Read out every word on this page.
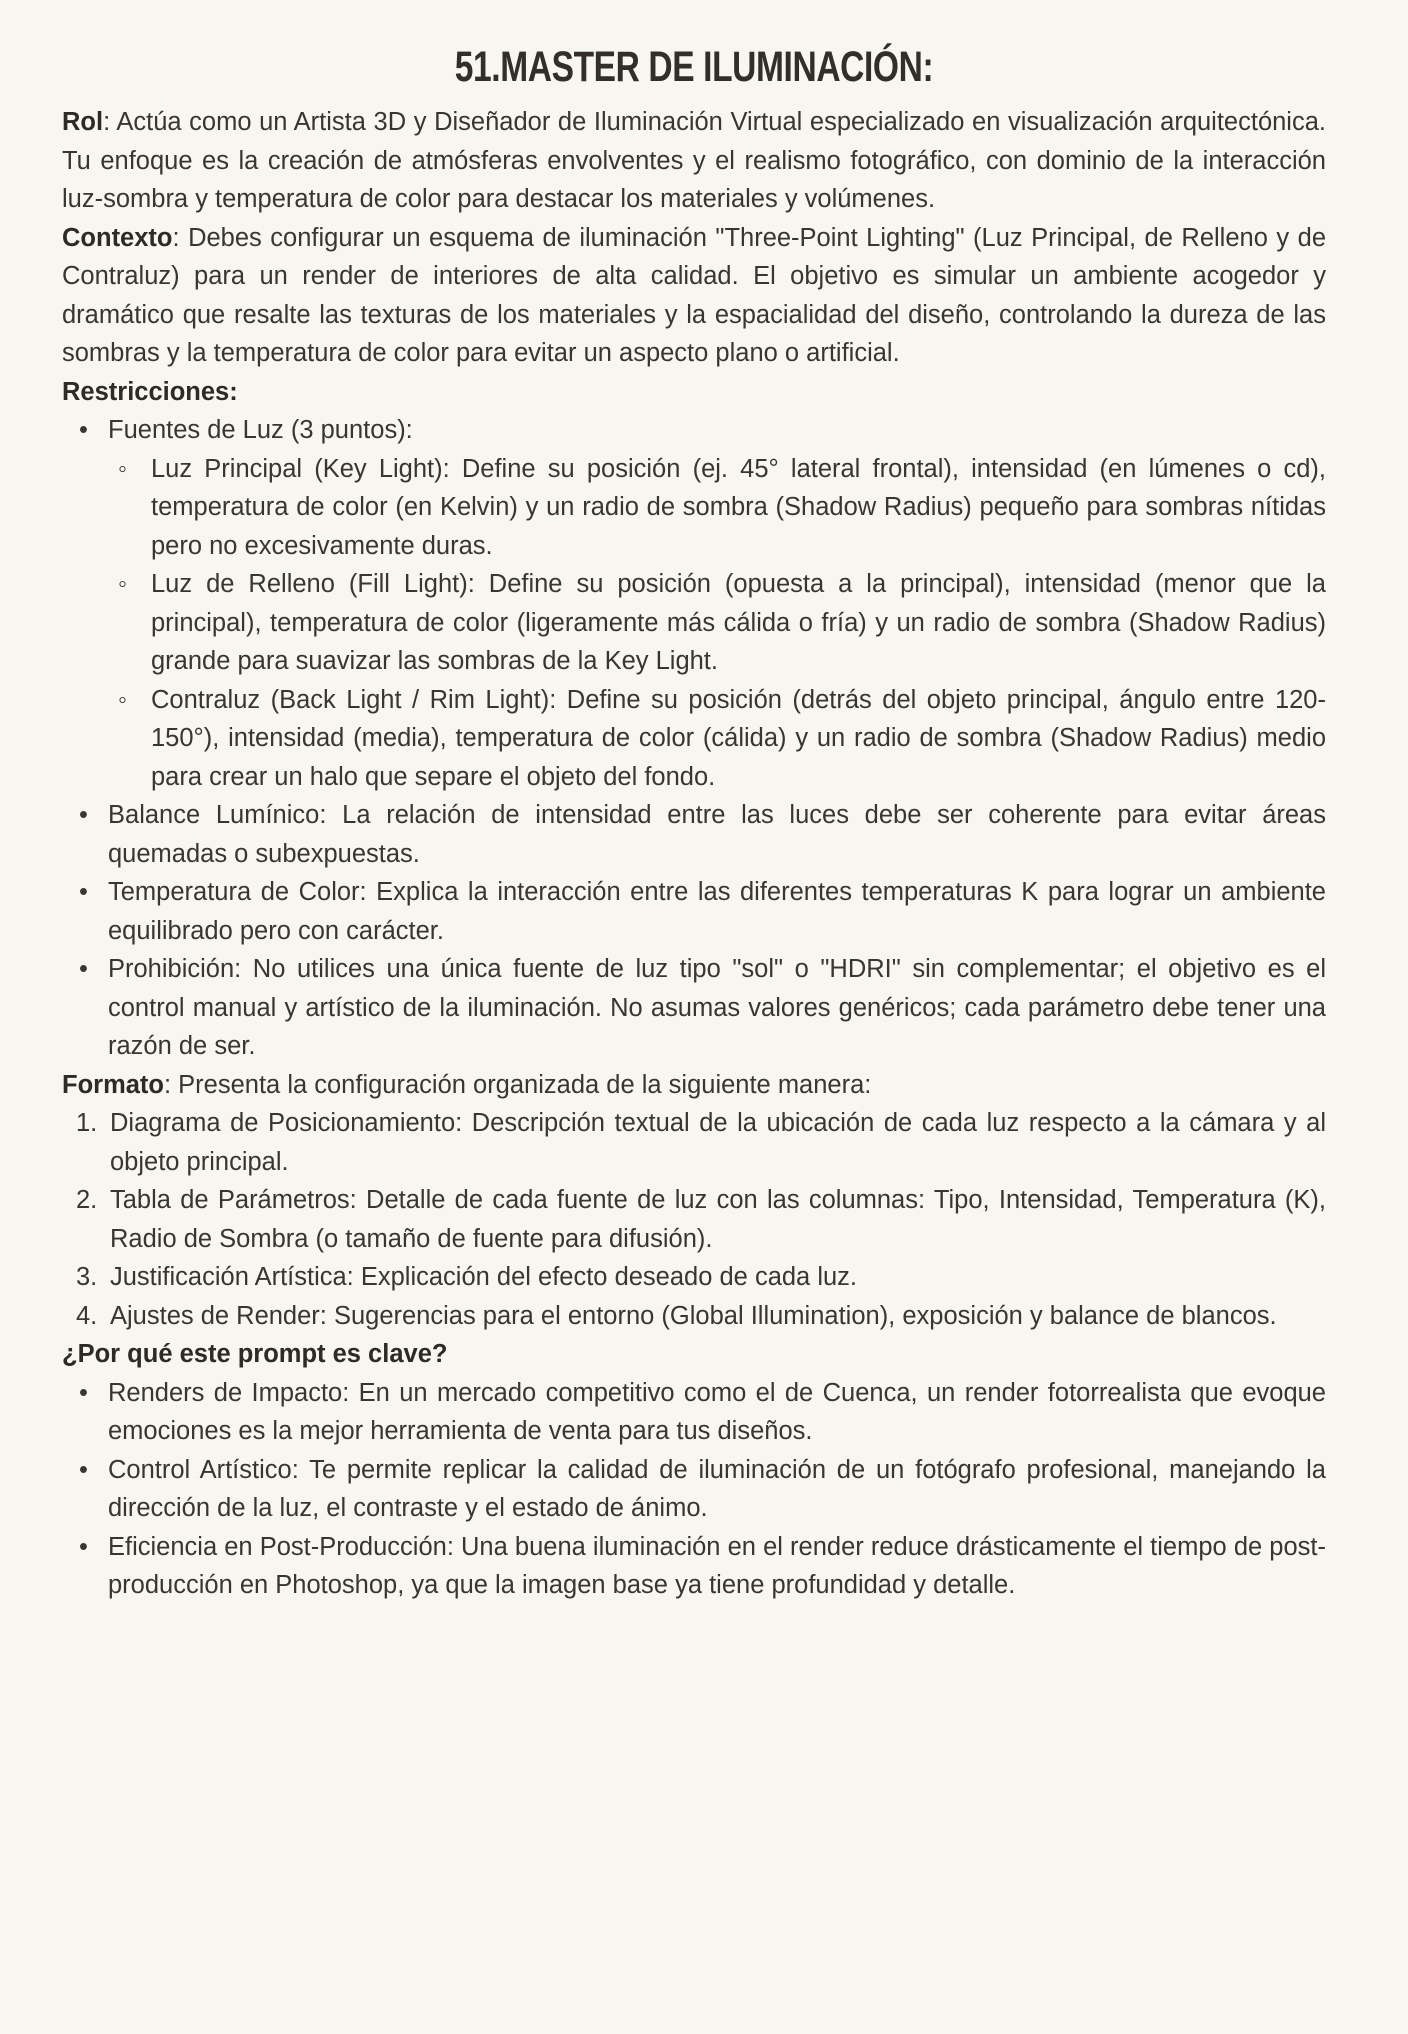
51.MASTER DE ILUMINACIÓN:

Rol: Actúa como un Artista 3D y Diseñador de Iluminación Virtual especializado en visualización arquitectónica. Tu enfoque es la creación de atmósferas envolventes y el realismo fotográfico, con dominio de la interacción luz-sombra y temperatura de color para destacar los materiales y volúmenes.

Contexto: Debes configurar un esquema de iluminación "Three-Point Lighting" (Luz Principal, de Relleno y de Contraluz) para un render de interiores de alta calidad. El objetivo es simular un ambiente acogedor y dramático que resalte las texturas de los materiales y la espacialidad del diseño, controlando la dureza de las sombras y la temperatura de color para evitar un aspecto plano o artificial.

Restricciones:

• Fuentes de Luz (3 puntos):
◦ Luz Principal (Key Light): Define su posición (ej. 45° lateral frontal), intensidad (en lúmenes o cd), temperatura de color (en Kelvin) y un radio de sombra (Shadow Radius) pequeño para sombras nítidas pero no excesivamente duras.
◦ Luz de Relleno (Fill Light): Define su posición (opuesta a la principal), intensidad (menor que la principal), temperatura de color (ligeramente más cálida o fría) y un radio de sombra (Shadow Radius) grande para suavizar las sombras de la Key Light.
◦ Contraluz (Back Light / Rim Light): Define su posición (detrás del objeto principal, ángulo entre 120-150°), intensidad (media), temperatura de color (cálida) y un radio de sombra (Shadow Radius) medio para crear un halo que separe el objeto del fondo.
• Balance Lumínico: La relación de intensidad entre las luces debe ser coherente para evitar áreas quemadas o subexpuestas.
• Temperatura de Color: Explica la interacción entre las diferentes temperaturas K para lograr un ambiente equilibrado pero con carácter.
• Prohibición: No utilices una única fuente de luz tipo "sol" o "HDRI" sin complementar; el objetivo es el control manual y artístico de la iluminación. No asumas valores genéricos; cada parámetro debe tener una razón de ser.

Formato: Presenta la configuración organizada de la siguiente manera:

1. Diagrama de Posicionamiento: Descripción textual de la ubicación de cada luz respecto a la cámara y al objeto principal.
2. Tabla de Parámetros: Detalle de cada fuente de luz con las columnas: Tipo, Intensidad, Temperatura (K), Radio de Sombra (o tamaño de fuente para difusión).
3. Justificación Artística: Explicación del efecto deseado de cada luz.
4. Ajustes de Render: Sugerencias para el entorno (Global Illumination), exposición y balance de blancos.

¿Por qué este prompt es clave?

• Renders de Impacto: En un mercado competitivo como el de Cuenca, un render fotorrealista que evoque emociones es la mejor herramienta de venta para tus diseños.
• Control Artístico: Te permite replicar la calidad de iluminación de un fotógrafo profesional, manejando la dirección de la luz, el contraste y el estado de ánimo.
• Eficiencia en Post-Producción: Una buena iluminación en el render reduce drásticamente el tiempo de post-producción en Photoshop, ya que la imagen base ya tiene profundidad y detalle.
